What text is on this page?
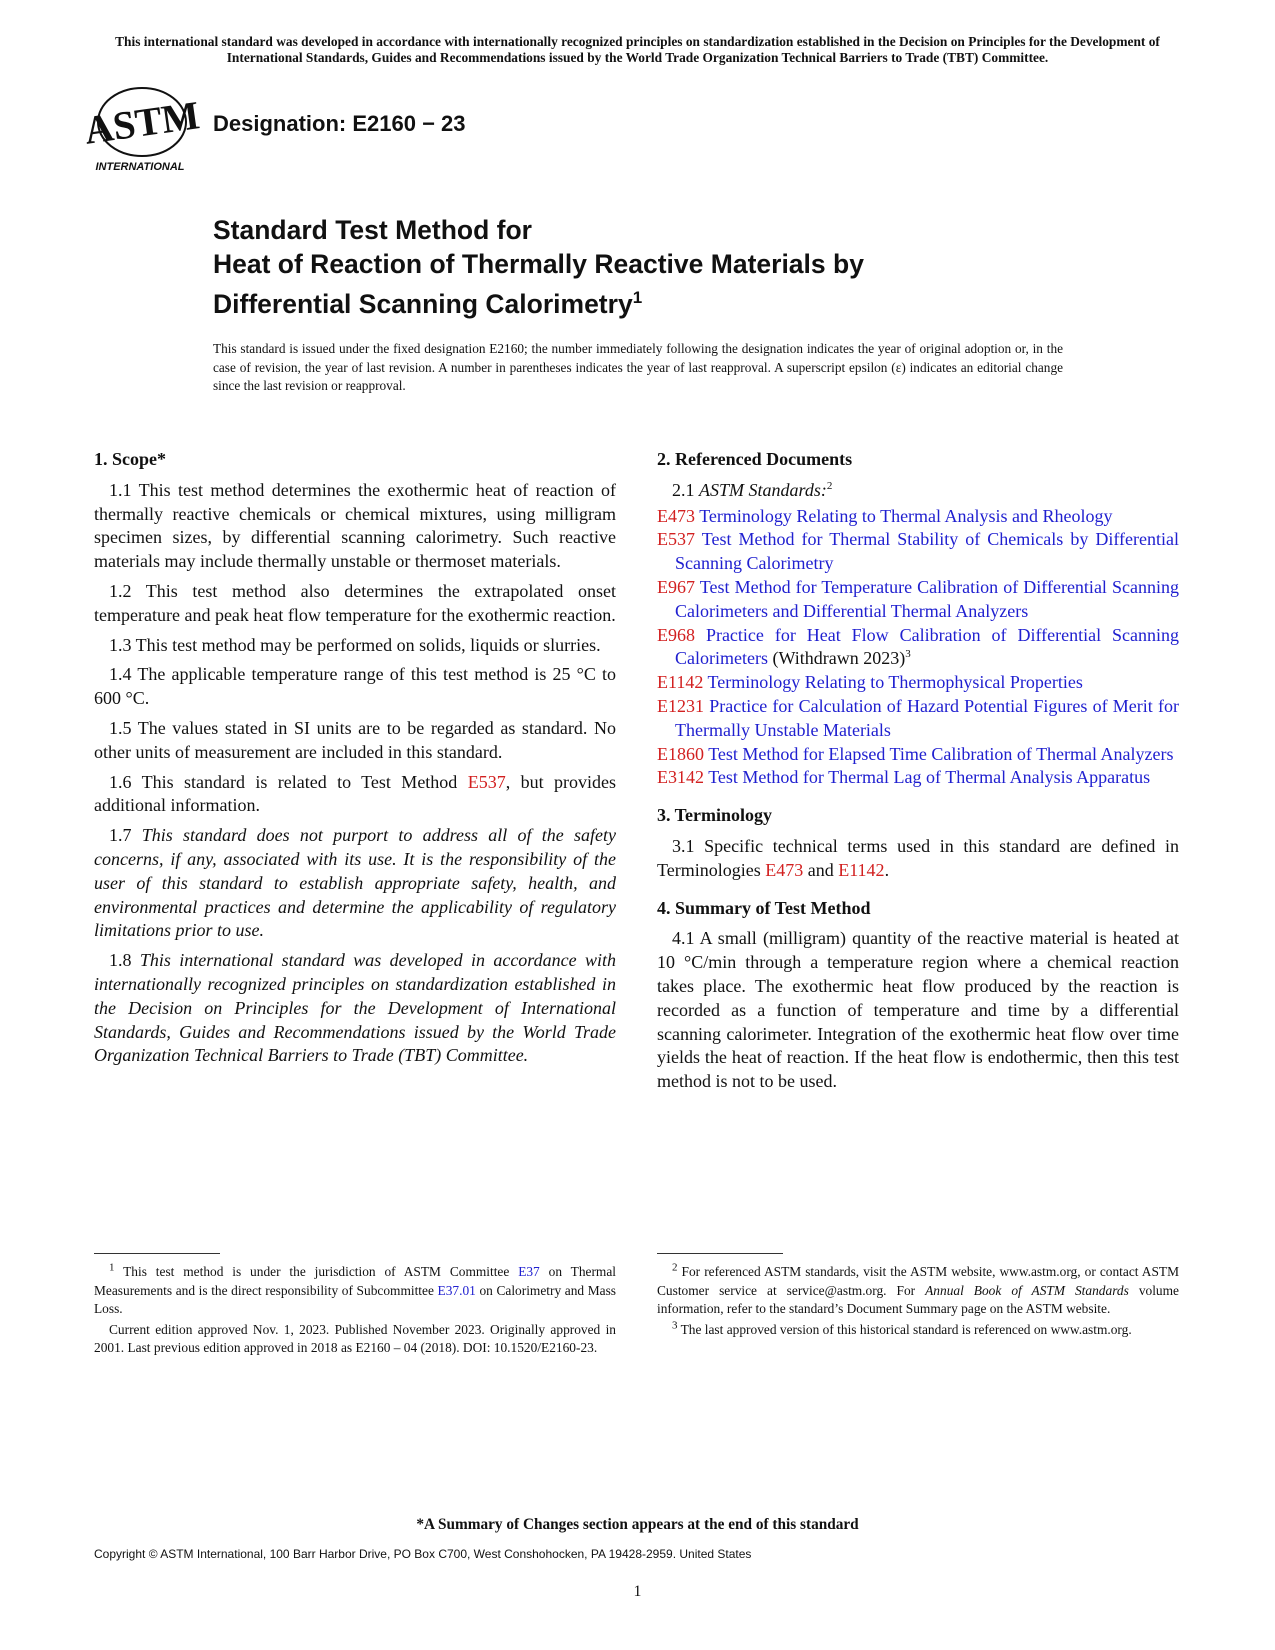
This international standard was developed in accordance with internationally recognized principles on standardization established in the Decision on Principles for the Development of International Standards, Guides and Recommendations issued by the World Trade Organization Technical Barriers to Trade (TBT) Committee.
ASTM
INTERNATIONAL
Designation: E2160 − 23
Standard Test Method for
Heat of Reaction of Thermally Reactive Materials by
Differential Scanning Calorimetry$^1$
This standard is issued under the fixed designation E2160; the number immediately following the designation indicates the year of original adoption or, in the case of revision, the year of last revision. A number in parentheses indicates the year of last reapproval. A superscript epsilon (ε) indicates an editorial change since the last revision or reapproval.
1. Scope*

1.1 This test method determines the exothermic heat of reaction of thermally reactive chemicals or chemical mixtures, using milligram specimen sizes, by differential scanning calorimetry. Such reactive materials may include thermally unstable or thermoset materials.

1.2 This test method also determines the extrapolated onset temperature and peak heat flow temperature for the exothermic reaction.

1.3 This test method may be performed on solids, liquids or slurries.

1.4 The applicable temperature range of this test method is 25 °C to 600 °C.

1.5 The values stated in SI units are to be regarded as standard. No other units of measurement are included in this standard.

1.6 This standard is related to Test Method E537, but provides additional information.

1.7 This standard does not purport to address all of the safety concerns, if any, associated with its use. It is the responsibility of the user of this standard to establish appropriate safety, health, and environmental practices and determine the applicability of regulatory limitations prior to use.

1.8 This international standard was developed in accordance with internationally recognized principles on standardization established in the Decision on Principles for the Development of International Standards, Guides and Recommendations issued by the World Trade Organization Technical Barriers to Trade (TBT) Committee.

2. Referenced Documents

2.1 ASTM Standards:$^2$

E473 Terminology Relating to Thermal Analysis and Rheology

E537 Test Method for Thermal Stability of Chemicals by Differential Scanning Calorimetry

E967 Test Method for Temperature Calibration of Differential Scanning Calorimeters and Differential Thermal Analyzers

E968 Practice for Heat Flow Calibration of Differential Scanning Calorimeters (Withdrawn 2023)$^3$

E1142 Terminology Relating to Thermophysical Properties

E1231 Practice for Calculation of Hazard Potential Figures of Merit for Thermally Unstable Materials

E1860 Test Method for Elapsed Time Calibration of Thermal Analyzers

E3142 Test Method for Thermal Lag of Thermal Analysis Apparatus

3. Terminology

3.1 Specific technical terms used in this standard are defined in Terminologies E473 and E1142.

4. Summary of Test Method

4.1 A small (milligram) quantity of the reactive material is heated at 10 °C/min through a temperature region where a chemical reaction takes place. The exothermic heat flow produced by the reaction is recorded as a function of temperature and time by a differential scanning calorimeter. Integration of the exothermic heat flow over time yields the heat of reaction. If the heat flow is endothermic, then this test method is not to be used.

$^1$ This test method is under the jurisdiction of ASTM Committee E37 on Thermal Measurements and is the direct responsibility of Subcommittee E37.01 on Calorimetry and Mass Loss.

Current edition approved Nov. 1, 2023. Published November 2023. Originally approved in 2001. Last previous edition approved in 2018 as E2160 – 04 (2018). DOI: 10.1520/E2160-23.

$^2$ For referenced ASTM standards, visit the ASTM website, www.astm.org, or contact ASTM Customer service at service@astm.org. For Annual Book of ASTM Standards volume information, refer to the standard’s Document Summary page on the ASTM website.

$^3$ The last approved version of this historical standard is referenced on www.astm.org.

*A Summary of Changes section appears at the end of this standard
Copyright © ASTM International, 100 Barr Harbor Drive, PO Box C700, West Conshohocken, PA 19428-2959. United States
1
